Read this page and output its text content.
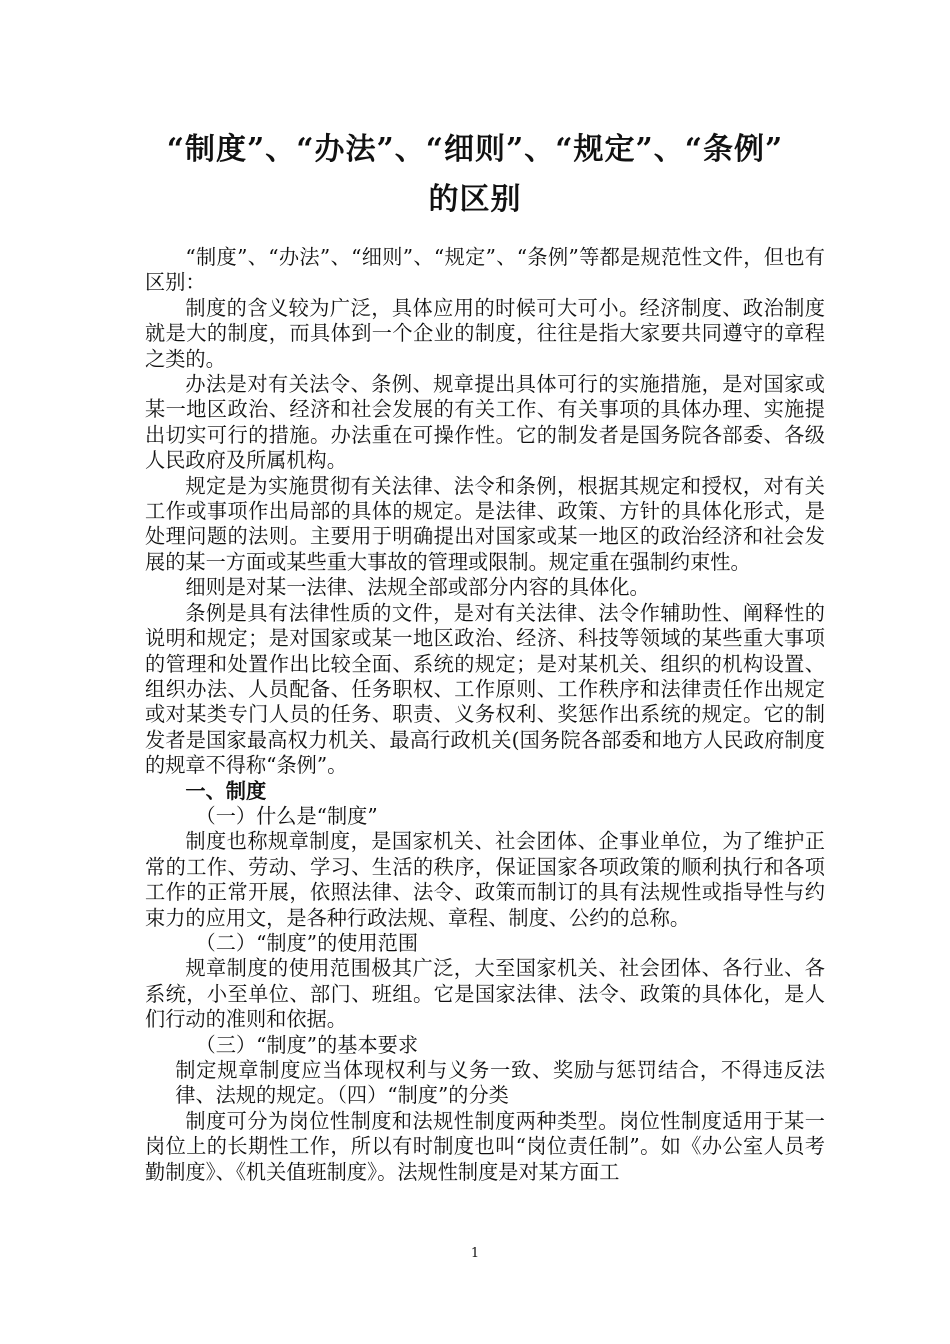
“制度”、“办法”、“细则”、“规定”、“条例”
的区别

“制度”、“办法”、“细则”、“规定”、“条例”等都是规范性文件，但也有区别：

制度的含义较为广泛，具体应用的时候可大可小。经济制度、政治制度就是大的制度，而具体到一个企业的制度，往往是指大家要共同遵守的章程之类的。

办法是对有关法令、条例、规章提出具体可行的实施措施，是对国家或某一地区政治、经济和社会发展的有关工作、有关事项的具体办理、实施提出切实可行的措施。办法重在可操作性。它的制发者是国务院各部委、各级人民政府及所属机构。

规定是为实施贯彻有关法律、法令和条例，根据其规定和授权，对有关工作或事项作出局部的具体的规定。是法律、政策、方针的具体化形式，是处理问题的法则。主要用于明确提出对国家或某一地区的政治经济和社会发展的某一方面或某些重大事故的管理或限制。规定重在强制约束性。

细则是对某一法律、法规全部或部分内容的具体化。

条例是具有法律性质的文件，是对有关法律、法令作辅助性、阐释性的说明和规定；是对国家或某一地区政治、经济、科技等领域的某些重大事项的管理和处置作出比较全面、系统的规定；是对某机关、组织的机构设置、组织办法、人员配备、任务职权、工作原则、工作秩序和法律责任作出规定或对某类专门人员的任务、职责、义务权利、奖惩作出系统的规定。它的制发者是国家最高权力机关、最高行政机关(国务院各部委和地方人民政府制度的规章不得称“条例”。

一、制度

（一）什么是“制度”

制度也称规章制度，是国家机关、社会团体、企事业单位，为了维护正常的工作、劳动、学习、生活的秩序，保证国家各项政策的顺利执行和各项工作的正常开展，依照法律、法令、政策而制订的具有法规性或指导性与约束力的应用文，是各种行政法规、章程、制度、公约的总称。

（二）“制度”的使用范围

规章制度的使用范围极其广泛，大至国家机关、社会团体、各行业、各系统，小至单位、部门、班组。它是国家法律、法令、政策的具体化，是人们行动的准则和依据。

（三）“制度”的基本要求

制定规章制度应当体现权利与义务一致、奖励与惩罚结合，不得违反法律、法规的规定。（四）“制度”的分类

制度可分为岗位性制度和法规性制度两种类型。岗位性制度适用于某一岗位上的长期性工作，所以有时制度也叫“岗位责任制”。如《办公室人员考勤制度》、《机关值班制度》。法规性制度是对某方面工

1
